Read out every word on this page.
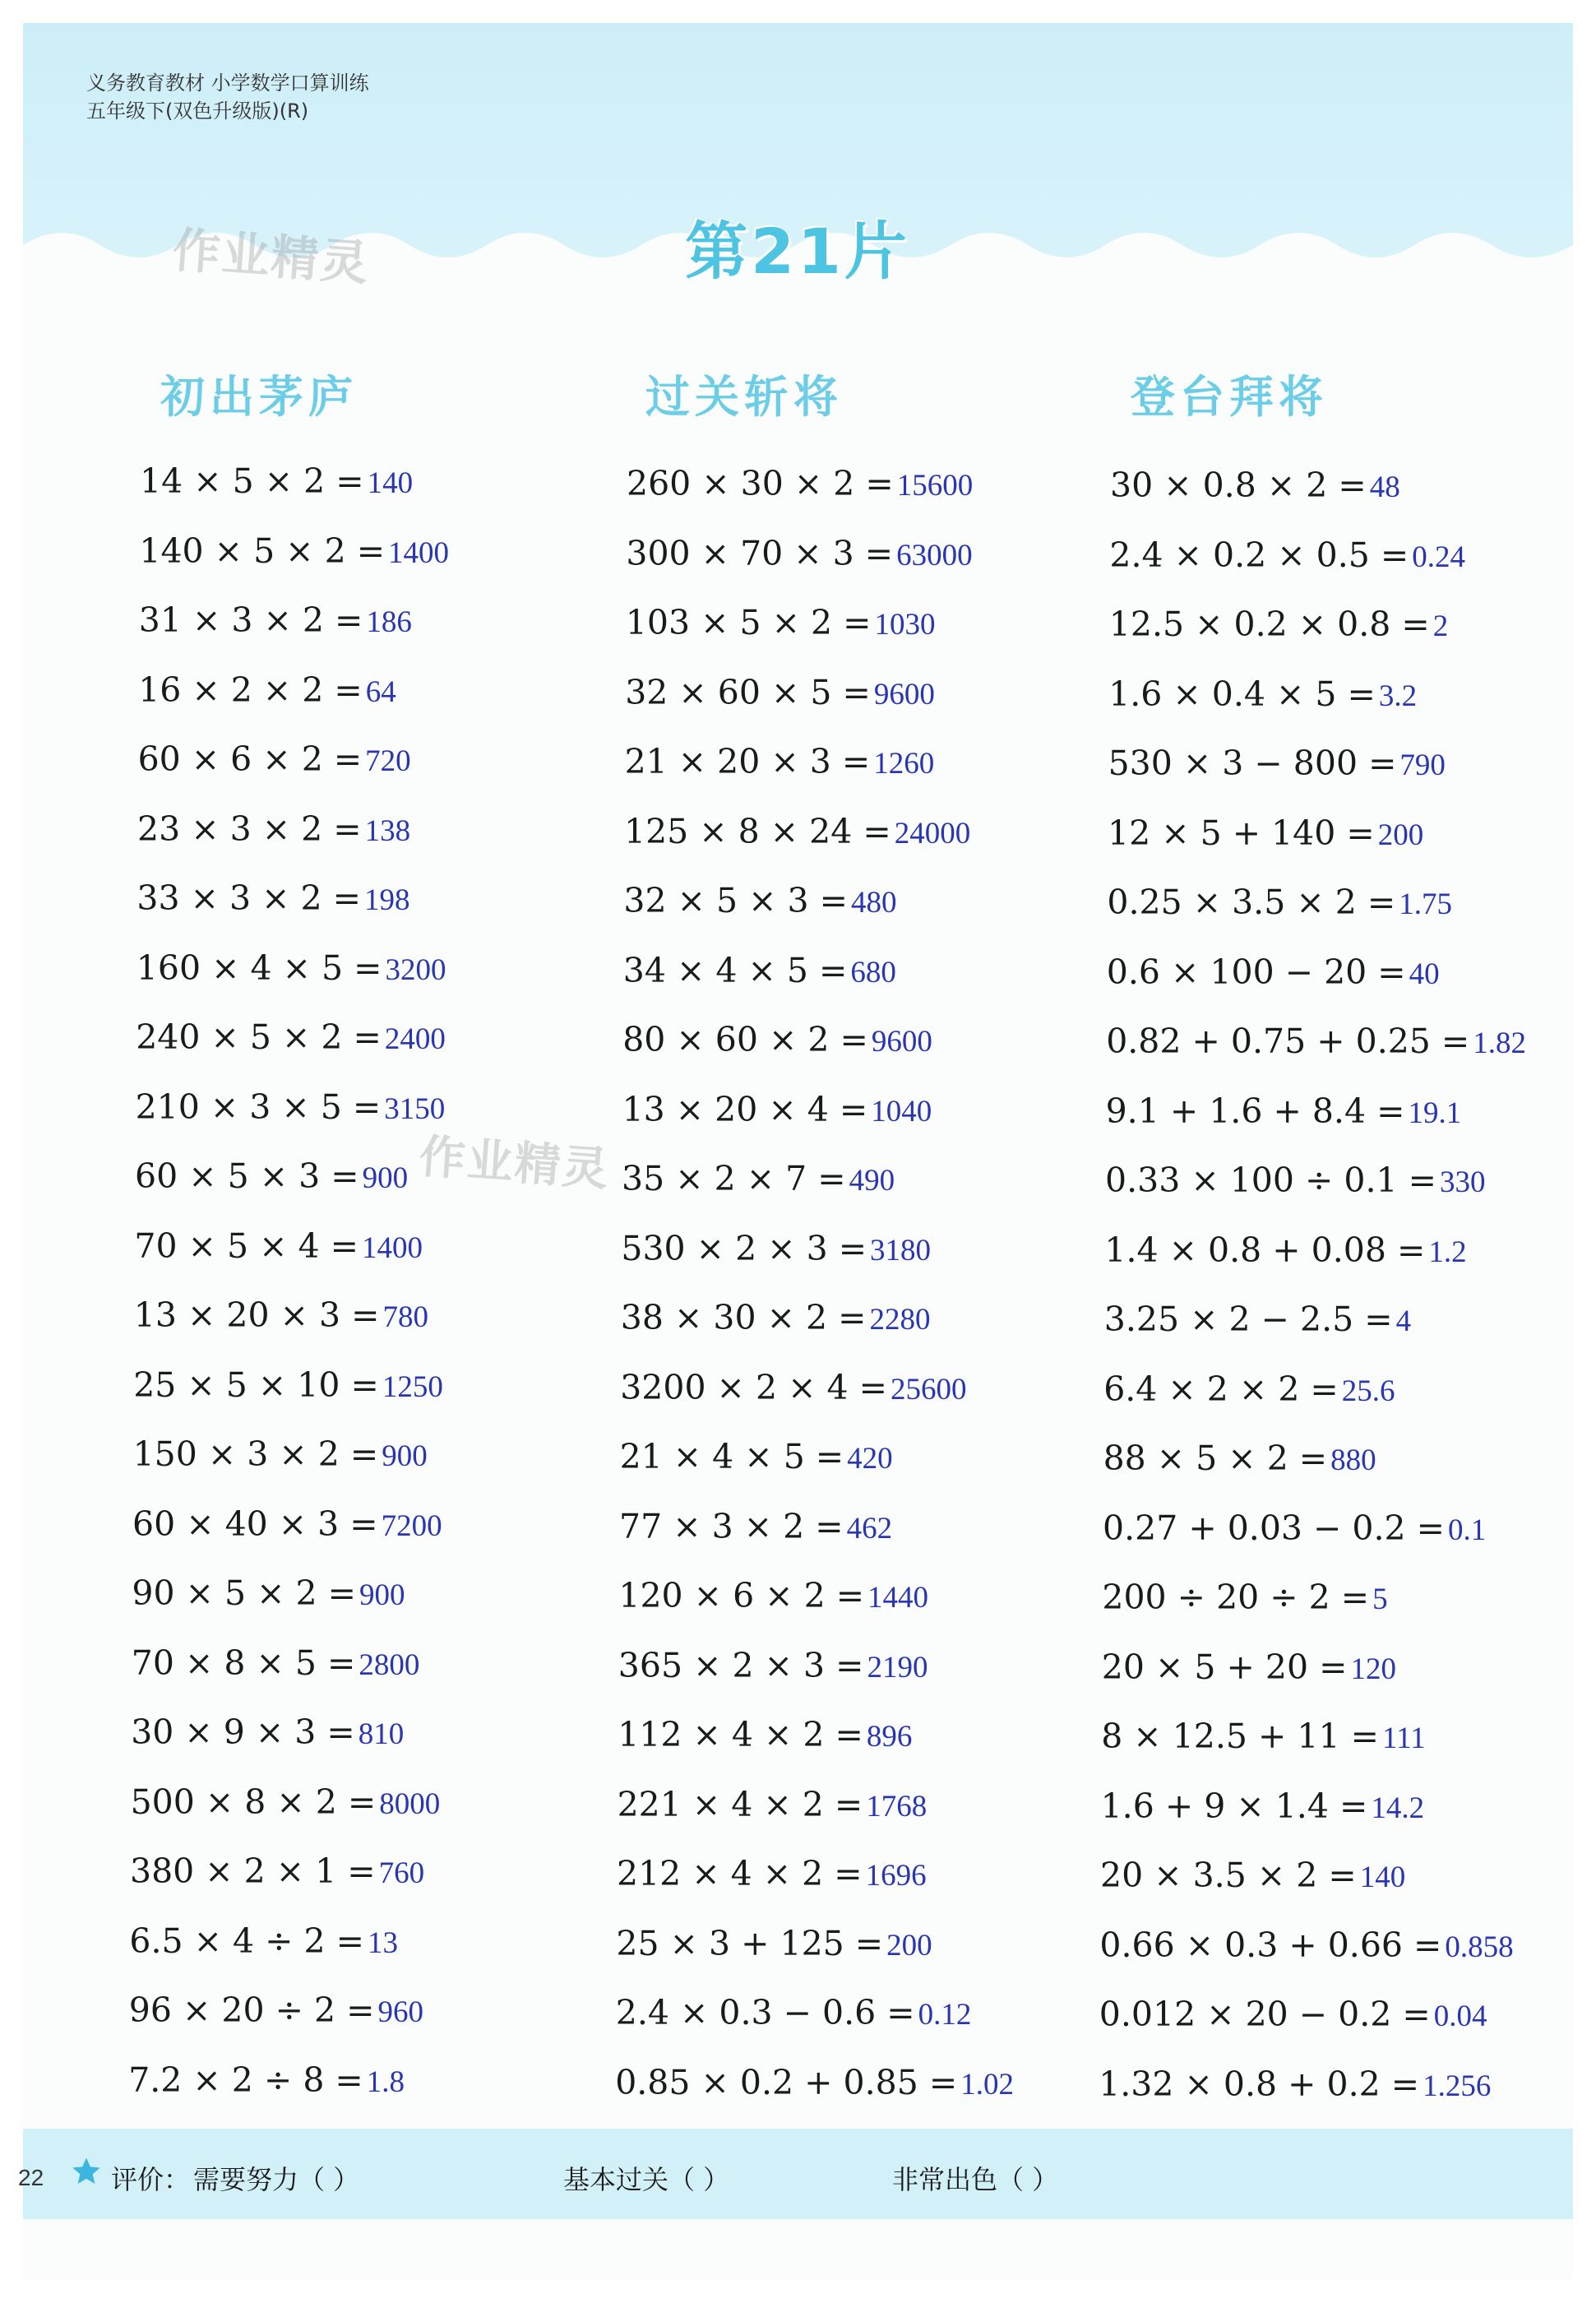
义务教育教材 小学数学口算训练
五年级下(双色升级版)(R)
作业精灵	第21片
初出茅庐
14 × 5 × 2 = 140
140 × 5 × 2 = 1400
31 × 3 × 2 = 186
16 × 2 × 2 = 64
60 × 6 × 2 = 720
23 × 3 × 2 = 138
33 × 3 × 2 = 198
160 × 4 × 5 = 3200
240 × 5 × 2 = 2400
210 × 3 × 5 = 3150
60 × 5 × 3 = 900
70 × 5 × 4 = 1400
13 × 20 × 3 = 780
25 × 5 × 10 = 1250
150 × 3 × 2 = 900
60 × 40 × 3 = 7200
90 × 5 × 2 = 900
70 × 8 × 5 = 2800
30 × 9 × 3 = 810
500 × 8 × 2 = 8000
380 × 2 × 1 = 760
6.5 × 4 ÷ 2 = 13
96 × 20 ÷ 2 = 960
7.2 × 2 ÷ 8 = 1.8
过关斩将
260 × 30 × 2 = 15600
300 × 70 × 3 = 63000
103 × 5 × 2 = 1030
32 × 60 × 5 = 9600
21 × 20 × 3 = 1260
125 × 8 × 24 = 24000
32 × 5 × 3 = 480
34 × 4 × 5 = 680
80 × 60 × 2 = 9600
13 × 20 × 4 = 1040
35 × 2 × 7 = 490
530 × 2 × 3 = 3180
38 × 30 × 2 = 2280
3200 × 2 × 4 = 25600
21 × 4 × 5 = 420
77 × 3 × 2 = 462
120 × 6 × 2 = 1440
365 × 2 × 3 = 2190
112 × 4 × 2 = 896
221 × 4 × 2 = 1768
212 × 4 × 2 = 1696
25 × 3 + 125 = 200
2.4 × 0.3 − 0.6 = 0.12
0.85 × 0.2 + 0.85 = 1.02
登台拜将
30 × 0.8 × 2 = 48
2.4 × 0.2 × 0.5 = 0.24
12.5 × 0.2 × 0.8 = 2
1.6 × 0.4 × 5 = 3.2
530 × 3 − 800 = 790
12 × 5 + 140 = 200
0.25 × 3.5 × 2 = 1.75
0.6 × 100 − 20 = 40
0.82 + 0.75 + 0.25 = 1.82
9.1 + 1.6 + 8.4 = 19.1
0.33 × 100 ÷ 0.1 = 330
1.4 × 0.8 + 0.08 = 1.2
3.25 × 2 − 2.5 = 4
6.4 × 2 × 2 = 25.6
88 × 5 × 2 = 880
0.27 + 0.03 − 0.2 = 0.1
200 ÷ 20 ÷ 2 = 5
20 × 5 + 20 = 120
8 × 12.5 + 11 = 111
1.6 + 9 × 1.4 = 14.2
20 × 3.5 × 2 = 140
0.66 × 0.3 + 0.66 = 0.858
0.012 × 20 − 0.2 = 0.04
1.32 × 0.8 + 0.2 = 1.256
作业精灵
22	评价： 需要努力（ ）	基本过关（ ）	非常出色（ ）
